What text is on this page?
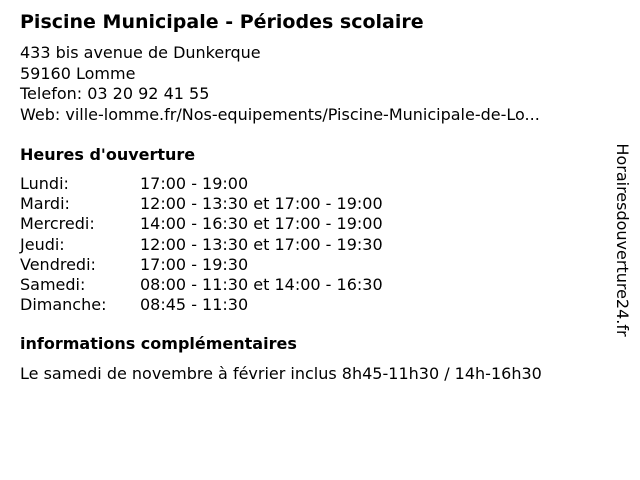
Piscine Municipale - Périodes scolaire
433 bis avenue de Dunkerque
59160 Lomme
Telefon: 03 20 92 41 55
Web: ville-lomme.fr/Nos-equipements/Piscine-Municipale-de-Lo...
Heures d'ouverture
Lundi:	17:00 - 19:00
Mardi:	12:00 - 13:30 et 17:00 - 19:00
Mercredi:	14:00 - 16:30 et 17:00 - 19:00
Jeudi:	12:00 - 13:30 et 17:00 - 19:30
Vendredi:	17:00 - 19:30
Samedi:	08:00 - 11:30 et 14:00 - 16:30
Dimanche:	08:45 - 11:30
informations complémentaires
Le samedi de novembre à février inclus 8h45-11h30 / 14h-16h30
Horairesdouverture24.fr
